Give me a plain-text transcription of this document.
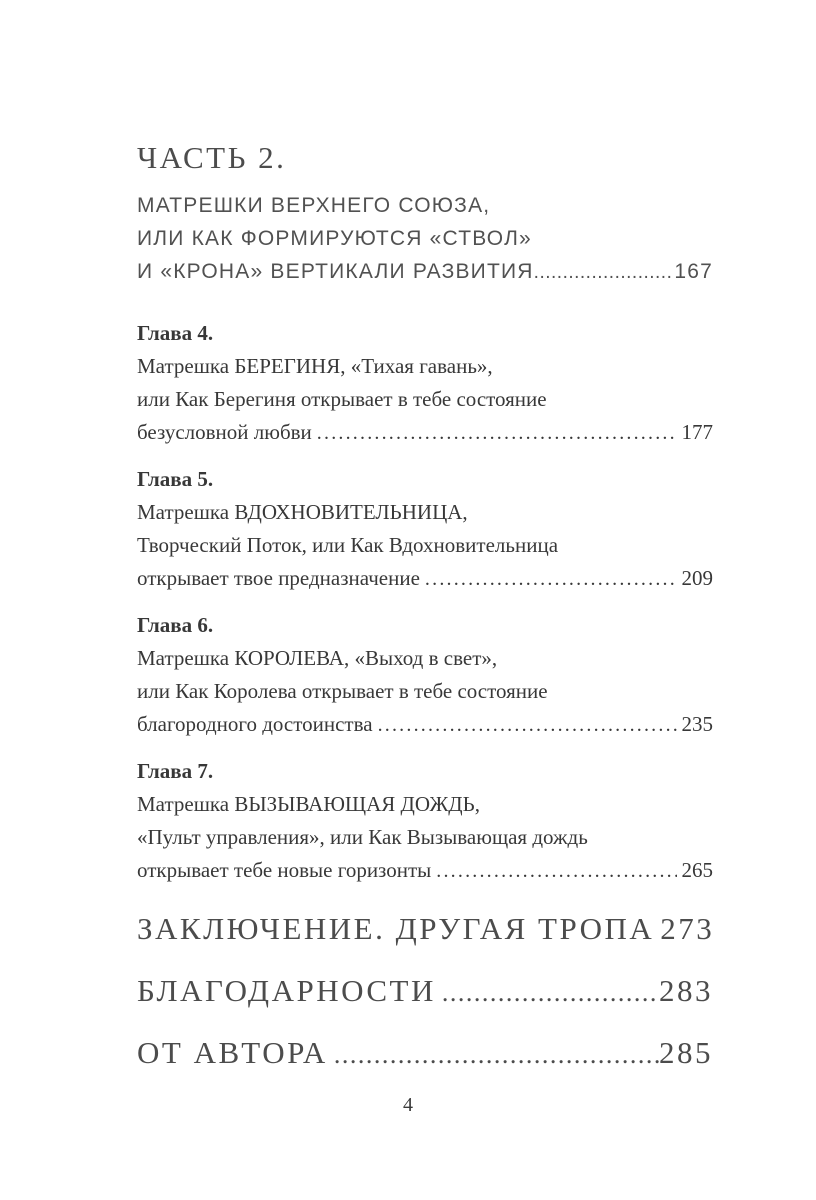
ЧАСТЬ 2.
МАТРЕШКИ ВЕРХНЕГО СОЮЗА,
ИЛИ КАК ФОРМИРУЮТСЯ «СТВОЛ»
И «КРОНА» ВЕРТИКАЛИ РАЗВИТИЯ .....	167
Глава 4.
Матрешка БЕРЕГИНЯ, «Тихая гавань»,
или Как Берегиня открывает в тебе состояние
безусловной любви .....	177
Глава 5.
Матрешка ВДОХНОВИТЕЛЬНИЦА,
Творческий Поток, или Как Вдохновительница
открывает твое предназначение .....	209
Глава 6.
Матрешка КОРОЛЕВА, «Выход в свет»,
или Как Королева открывает в тебе состояние
благородного достоинства .....	235
Глава 7.
Матрешка ВЫЗЫВАЮЩАЯ ДОЖДЬ,
«Пульт управления», или Как Вызывающая дождь
открывает тебе новые горизонты .....	265
ЗАКЛЮЧЕНИЕ. ДРУГАЯ ТРОПА ..... 273
БЛАГОДАРНОСТИ .....	283
ОТ АВТОРА .....	285
4
